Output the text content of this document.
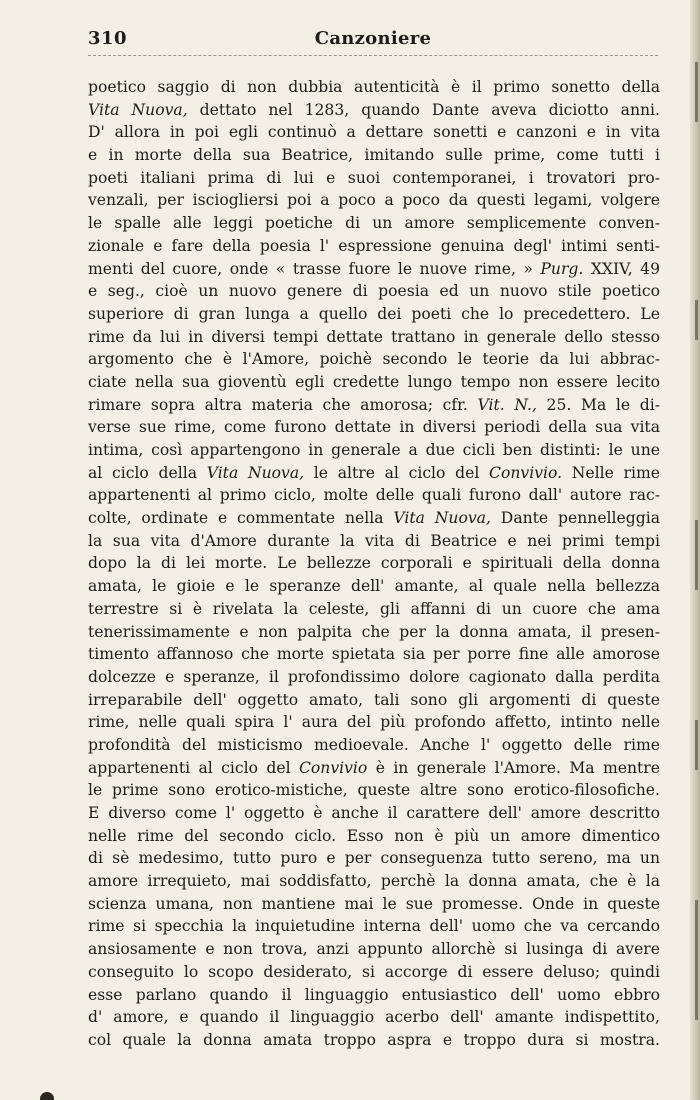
310	Canzoniere
poetico saggio di non dubbia autenticità è il primo sonetto della
Vita Nuova, dettato nel 1283, quando Dante aveva diciotto anni.
D' allora in poi egli continuò a dettare sonetti e canzoni e in vita
e in morte della sua Beatrice, imitando sulle prime, come tutti i
poeti italiani prima di lui e suoi contemporanei, i trovatori pro-
venzali, per isciogliersi poi a poco a poco da questi legami, volgere
le spalle alle leggi poetiche di un amore semplicemente conven-
zionale e fare della poesia l' espressione genuina degl' intimi senti-
menti del cuore, onde « trasse fuore le nuove rime, » Purg. XXIV, 49
e seg., cioè un nuovo genere di poesia ed un nuovo stile poetico
superiore di gran lunga a quello dei poeti che lo precedettero. Le
rime da lui in diversi tempi dettate trattano in generale dello stesso
argomento che è l'Amore, poichè secondo le teorie da lui abbrac-
ciate nella sua gioventù egli credette lungo tempo non essere lecito
rimare sopra altra materia che amorosa; cfr. Vit. N., 25. Ma le di-
verse sue rime, come furono dettate in diversi periodi della sua vita
intima, così appartengono in generale a due cicli ben distinti: le une
al ciclo della Vita Nuova, le altre al ciclo del Convivio. Nelle rime
appartenenti al primo ciclo, molte delle quali furono dall' autore rac-
colte, ordinate e commentate nella Vita Nuova, Dante pennelleggia
la sua vita d'Amore durante la vita di Beatrice e nei primi tempi
dopo la di lei morte. Le bellezze corporali e spirituali della donna
amata, le gioie e le speranze dell' amante, al quale nella bellezza
terrestre si è rivelata la celeste, gli affanni di un cuore che ama
tenerissimamente e non palpita che per la donna amata, il presen-
timento affannoso che morte spietata sia per porre fine alle amorose
dolcezze e speranze, il profondissimo dolore cagionato dalla perdita
irreparabile dell' oggetto amato, tali sono gli argomenti di queste
rime, nelle quali spira l' aura del più profondo affetto, intinto nelle
profondità del misticismo medioevale. Anche l' oggetto delle rime
appartenenti al ciclo del Convivio è in generale l'Amore. Ma mentre
le prime sono erotico-mistiche, queste altre sono erotico-filosofiche.
E diverso come l' oggetto è anche il carattere dell' amore descritto
nelle rime del secondo ciclo. Esso non è più un amore dimentico
di sè medesimo, tutto puro e per conseguenza tutto sereno, ma un
amore irrequieto, mai soddisfatto, perchè la donna amata, che è la
scienza umana, non mantiene mai le sue promesse. Onde in queste
rime si specchia la inquietudine interna dell' uomo che va cercando
ansiosamente e non trova, anzi appunto allorchè si lusinga di avere
conseguito lo scopo desiderato, si accorge di essere deluso; quindi
esse parlano quando il linguaggio entusiastico dell' uomo ebbro
d' amore, e quando il linguaggio acerbo dell' amante indispettito,
col quale la donna amata troppo aspra e troppo dura si mostra.
